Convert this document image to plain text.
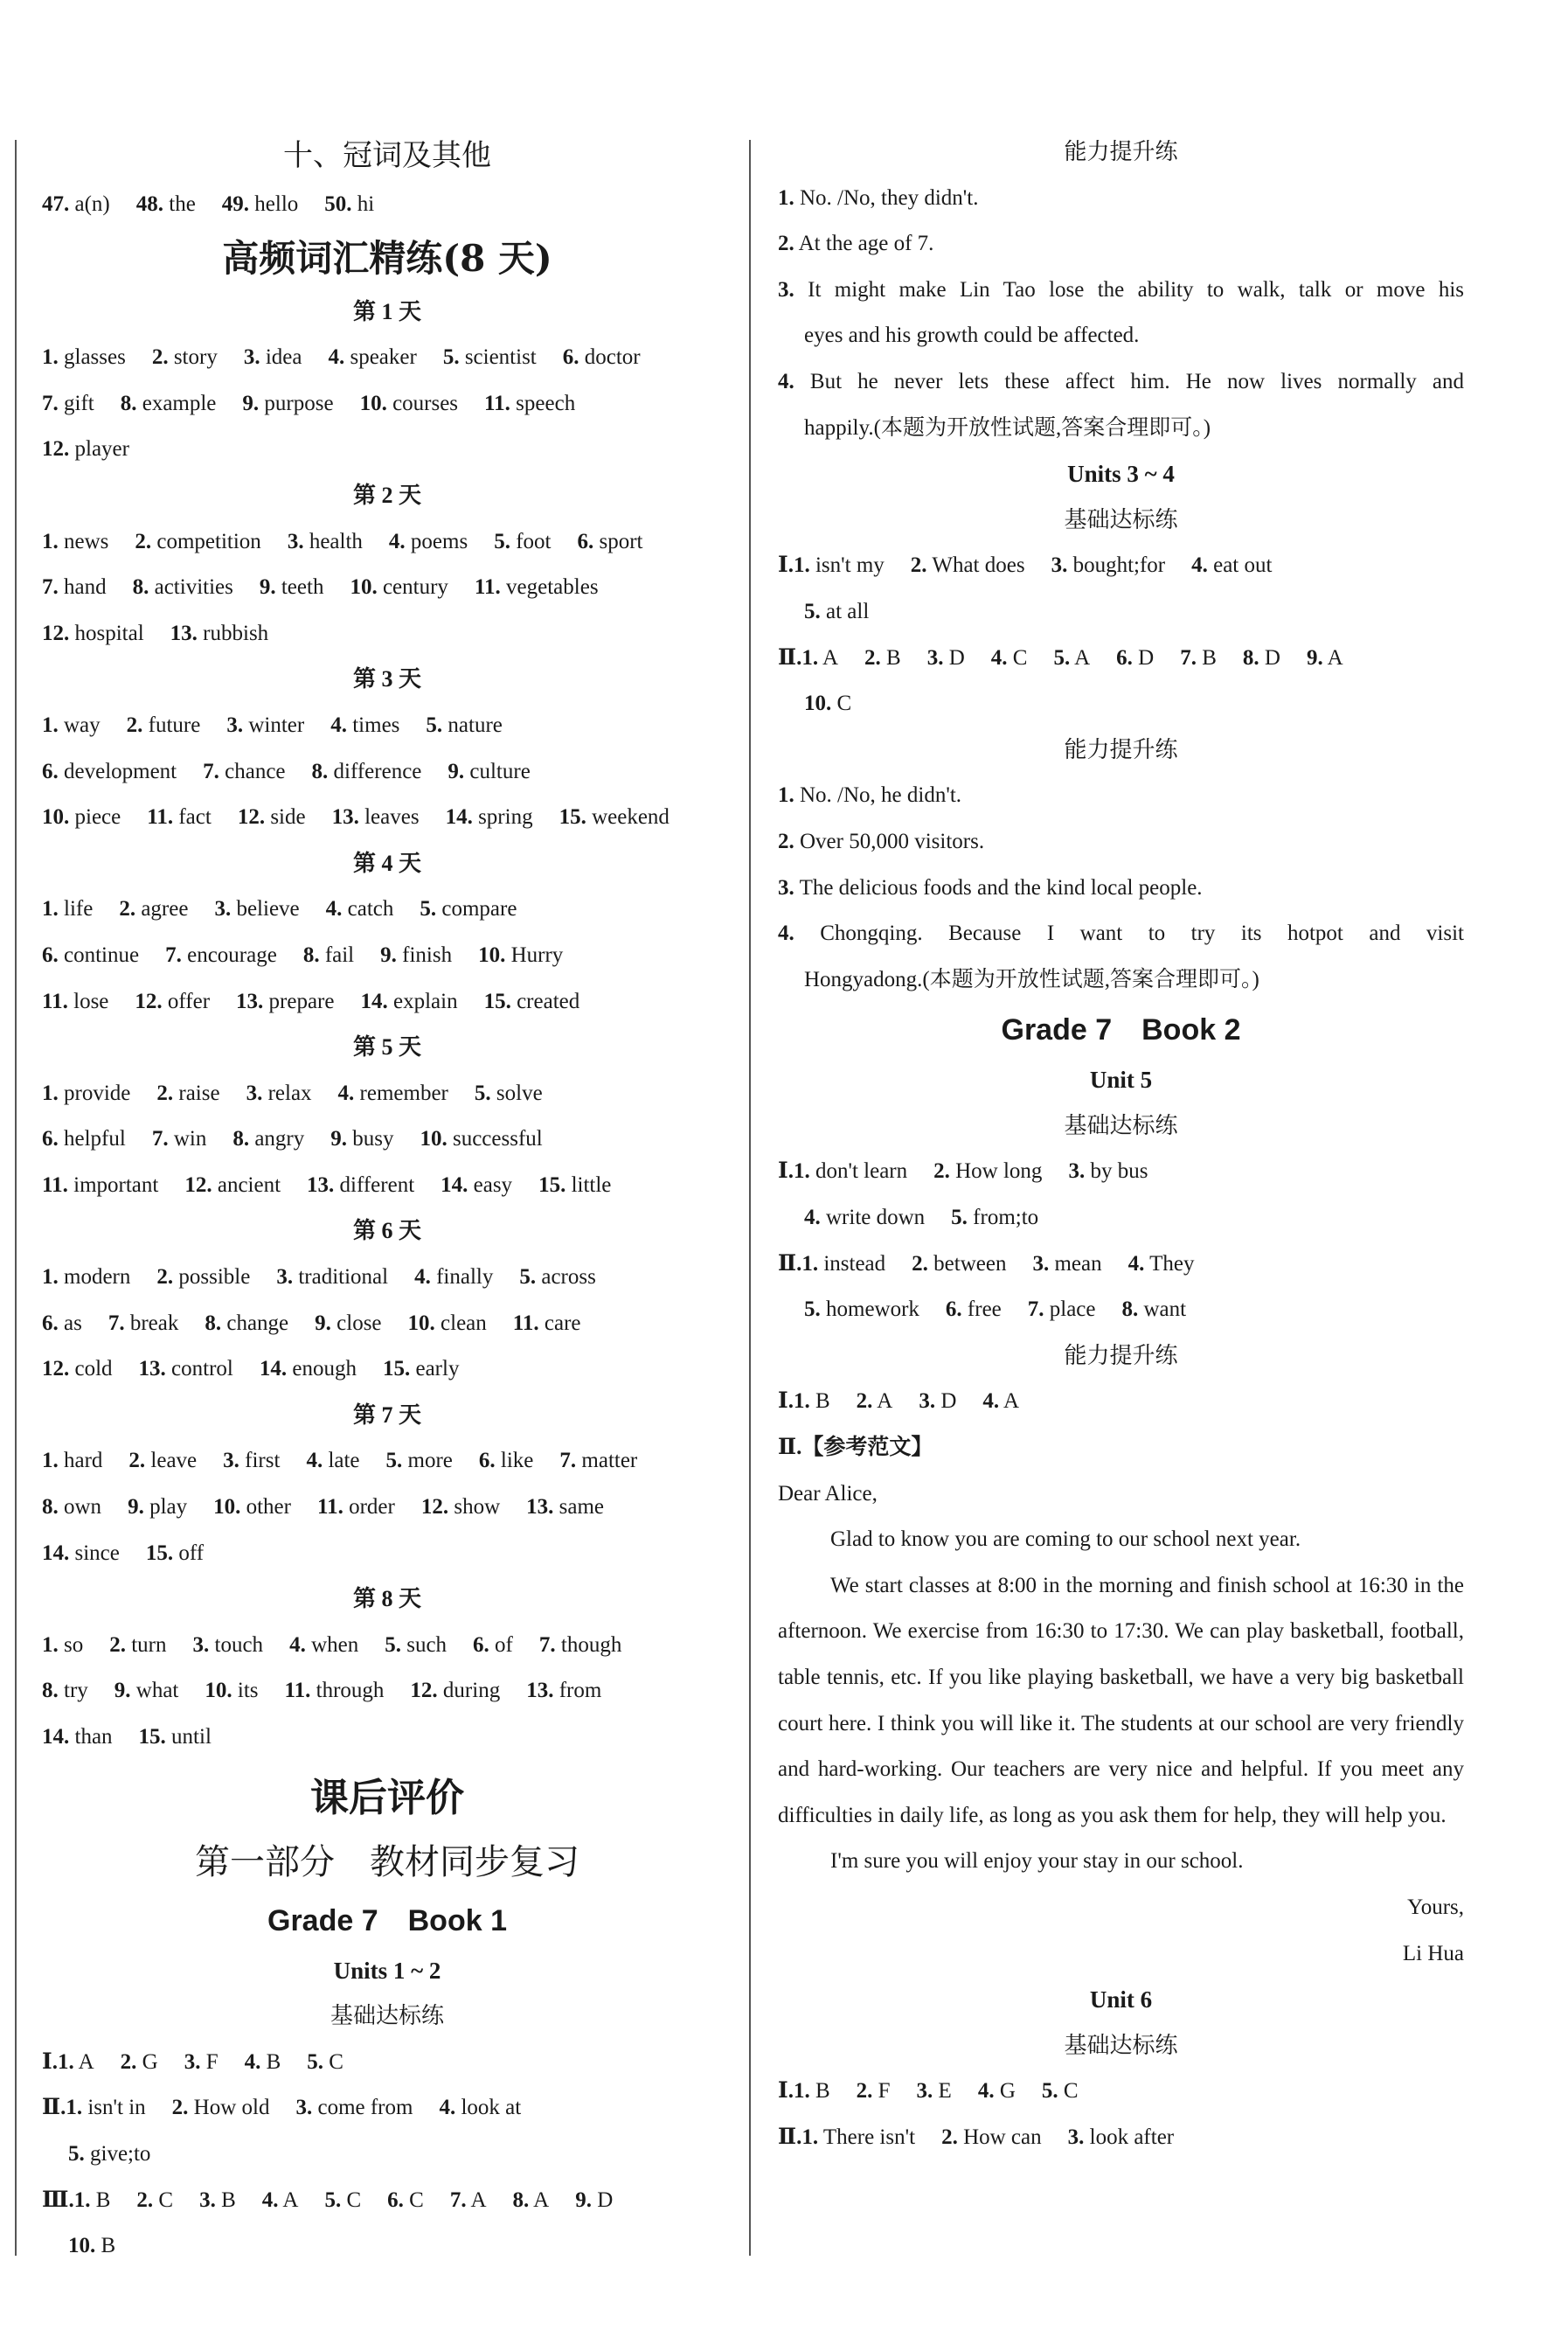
十、冠词及其他
47. a(n) 48. the 49. hello 50. hi
高频词汇精练(8 天)
第 1 天
1. glasses 2. story 3. idea 4. speaker 5. scientist 6. doctor
7. gift 8. example 9. purpose 10. courses 11. speech
12. player
第 2 天
1. news 2. competition 3. health 4. poems 5. foot 6. sport
7. hand 8. activities 9. teeth 10. century 11. vegetables
12. hospital 13. rubbish
第 3 天
1. way 2. future 3. winter 4. times 5. nature
6. development 7. chance 8. difference 9. culture
10. piece 11. fact 12. side 13. leaves 14. spring 15. weekend
第 4 天
1. life 2. agree 3. believe 4. catch 5. compare
6. continue 7. encourage 8. fail 9. finish 10. Hurry
11. lose 12. offer 13. prepare 14. explain 15. created
第 5 天
1. provide 2. raise 3. relax 4. remember 5. solve
6. helpful 7. win 8. angry 9. busy 10. successful
11. important 12. ancient 13. different 14. easy 15. little
第 6 天
1. modern 2. possible 3. traditional 4. finally 5. across
6. as 7. break 8. change 9. close 10. clean 11. care
12. cold 13. control 14. enough 15. early
第 7 天
1. hard 2. leave 3. first 4. late 5. more 6. like 7. matter
8. own 9. play 10. other 11. order 12. show 13. same
14. since 15. off
第 8 天
1. so 2. turn 3. touch 4. when 5. such 6. of 7. though
8. try 9. what 10. its 11. through 12. during 13. from
14. than 15. until
课后评价
第一部分　教材同步复习
Grade 7　Book 1
Units 1 ~ 2
基础达标练
Ⅰ.1. A 2. G 3. F 4. B 5. C
Ⅱ.1. isn't in 2. How old 3. come from 4. look at
5. give;to
Ⅲ.1. B 2. C 3. B 4. A 5. C 6. C 7. A 8. A 9. D
10. B
能力提升练
1. No. /No, they didn't.
2. At the age of 7.
3. It might make Lin Tao lose the ability to walk, talk or move his
eyes and his growth could be affected.
4. But he never lets these affect him. He now lives normally and
happily.(本题为开放性试题,答案合理即可。)
Units 3 ~ 4
基础达标练
Ⅰ.1. isn't my 2. What does 3. bought;for 4. eat out
5. at all
Ⅱ.1. A 2. B 3. D 4. C 5. A 6. D 7. B 8. D 9. A
10. C
能力提升练
1. No. /No, he didn't.
2. Over 50,000 visitors.
3. The delicious foods and the kind local people.
4. Chongqing. Because I want to try its hotpot and visit
Hongyadong.(本题为开放性试题,答案合理即可。)
Grade 7　Book 2
Unit 5
基础达标练
Ⅰ.1. don't learn 2. How long 3. by bus
4. write down 5. from;to
Ⅱ.1. instead 2. between 3. mean 4. They
5. homework 6. free 7. place 8. want
能力提升练
Ⅰ.1. B 2. A 3. D 4. A
Ⅱ.【参考范文】
Dear Alice,
Glad to know you are coming to our school next year.
We start classes at 8:00 in the morning and finish school at 16:30 in the afternoon. We exercise from 16:30 to 17:30. We can play basketball, football, table tennis, etc. If you like playing basketball, we have a very big basketball court here. I think you will like it. The students at our school are very friendly and hard-working. Our teachers are very nice and helpful. If you meet any difficulties in daily life, as long as you ask them for help, they will help you.
I'm sure you will enjoy your stay in our school.
Yours,
Li Hua
Unit 6
基础达标练
Ⅰ.1. B 2. F 3. E 4. G 5. C
Ⅱ.1. There isn't 2. How can 3. look after
